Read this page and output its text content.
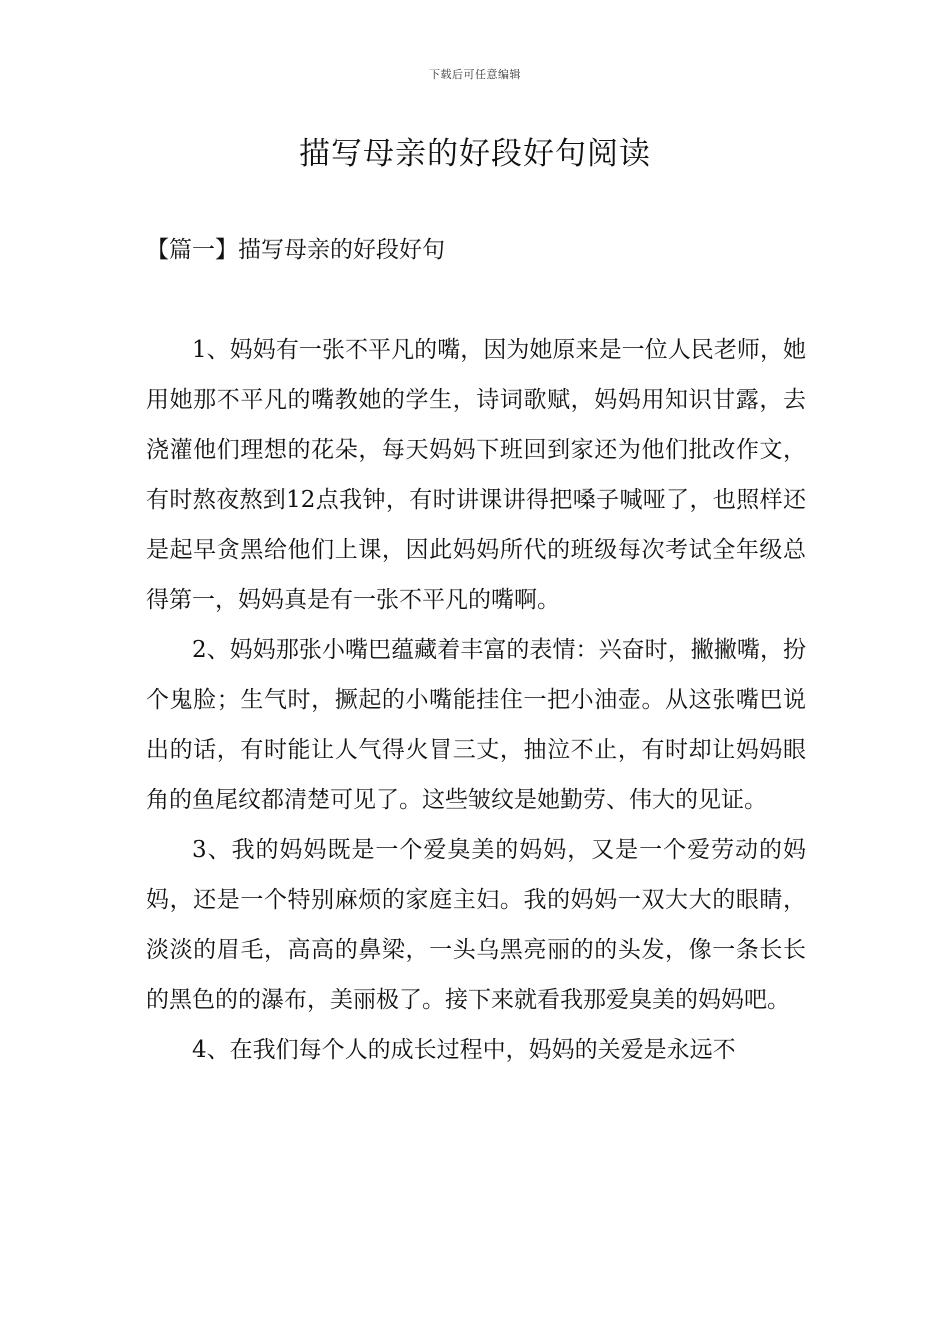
下载后可任意编辑
描写母亲的好段好句阅读
【篇一】描写母亲的好段好句

1、妈妈有一张不平凡的嘴，因为她原来是一位人民老师，她用她那不平凡的嘴教她的学生，诗词歌赋，妈妈用知识甘露，去浇灌他们理想的花朵，每天妈妈下班回到家还为他们批改作文，有时熬夜熬到12点我钟，有时讲课讲得把嗓子喊哑了，也照样还是起早贪黑给他们上课，因此妈妈所代的班级每次考试全年级总得第一，妈妈真是有一张不平凡的嘴啊。

2、妈妈那张小嘴巴蕴藏着丰富的表情：兴奋时，撇撇嘴，扮个鬼脸；生气时，撅起的小嘴能挂住一把小油壶。从这张嘴巴说出的话，有时能让人气得火冒三丈，抽泣不止，有时却让妈妈眼角的鱼尾纹都清楚可见了。这些皱纹是她勤劳、伟大的见证。

3、我的妈妈既是一个爱臭美的妈妈，又是一个爱劳动的妈妈，还是一个特别麻烦的家庭主妇。我的妈妈一双大大的眼睛，淡淡的眉毛，高高的鼻梁，一头乌黑亮丽的的头发，像一条长长的黑色的的瀑布，美丽极了。接下来就看我那爱臭美的妈妈吧。

4、在我们每个人的成长过程中，妈妈的关爱是永远不
